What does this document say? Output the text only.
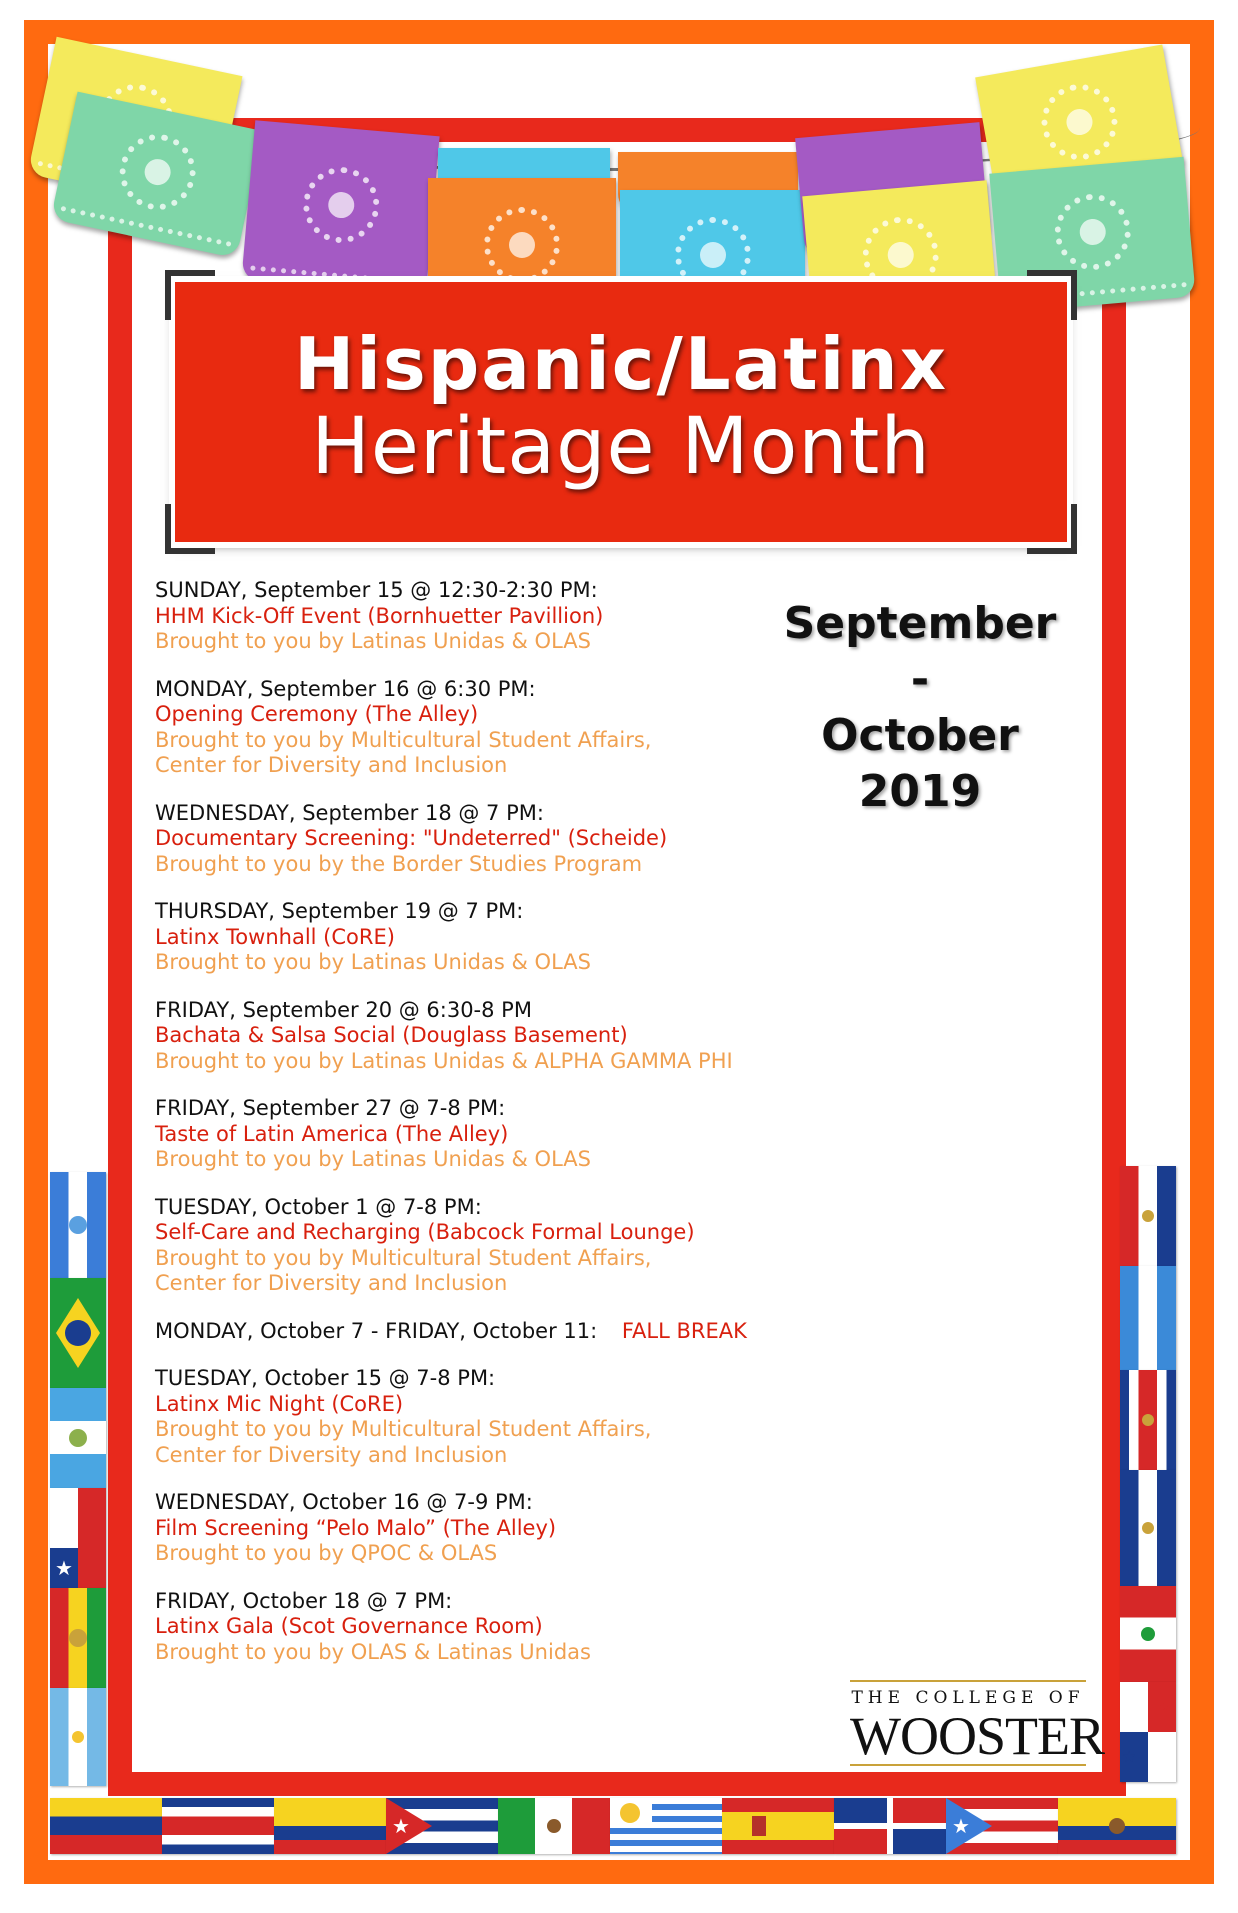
Hispanic/Latinx
Heritage Month
September -
October
2019
SUNDAY, September 15 @ 12:30-2:30 PM:
HHM Kick-Off Event (Bornhuetter Pavillion)
Brought to you by Latinas Unidas & OLAS
MONDAY, September 16 @ 6:30 PM:
Opening Ceremony (The Alley)
Brought to you by Multicultural Student Affairs,
Center for Diversity and Inclusion
WEDNESDAY, September 18 @ 7 PM:
Documentary Screening: "Undeterred" (Scheide)
Brought to you by the Border Studies Program
THURSDAY, September 19 @ 7 PM:
Latinx Townhall (CoRE)
Brought to you by Latinas Unidas & OLAS
FRIDAY, September 20 @ 6:30-8 PM
Bachata & Salsa Social (Douglass Basement)
Brought to you by Latinas Unidas & ALPHA GAMMA PHI
FRIDAY, September 27 @ 7-8 PM:
Taste of Latin America (The Alley)
Brought to you by Latinas Unidas & OLAS
TUESDAY, October 1 @ 7-8 PM:
Self-Care and Recharging (Babcock Formal Lounge)
Brought to you by Multicultural Student Affairs,
Center for Diversity and Inclusion
MONDAY, October 7 - FRIDAY, October 11: FALL BREAK
TUESDAY, October 15 @ 7-8 PM:
Latinx Mic Night (CoRE)
Brought to you by Multicultural Student Affairs,
Center for Diversity and Inclusion
WEDNESDAY, October 16 @ 7-9 PM:
Film Screening “Pelo Malo” (The Alley)
Brought to you by QPOC & OLAS
FRIDAY, October 18 @ 7 PM:
Latinx Gala (Scot Governance Room)
Brought to you by OLAS & Latinas Unidas
THE COLLEGE OF
WOOSTER
★
★
★
★	★
